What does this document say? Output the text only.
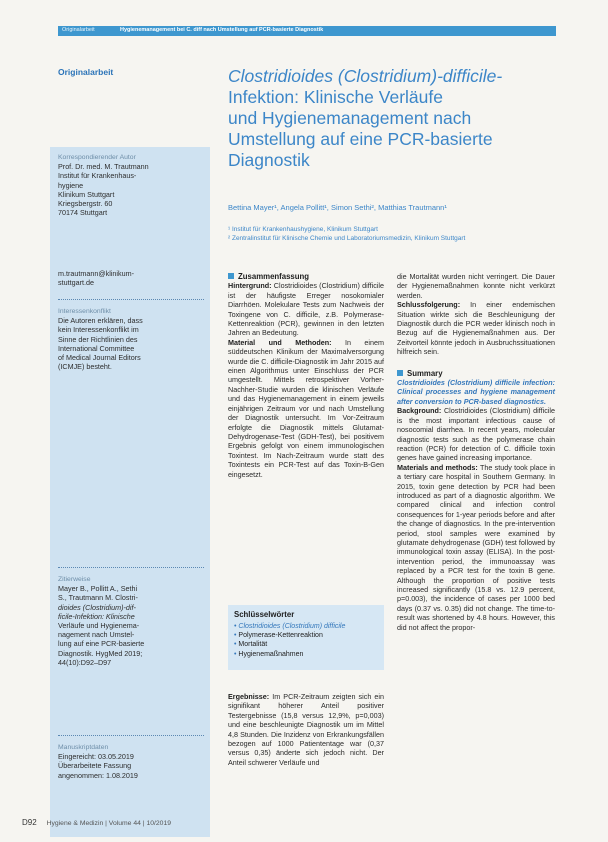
Originalarbeit	Hygienemanagement bei C. diff nach Umstellung auf PCR-basierte Diagnostik
Originalarbeit	Clostridioides (Clostridium)-difficile-
Infektion: Klinische Verläufe
und Hygienemanagement nach
Umstellung auf eine PCR-basierte
Diagnostik
Bettina Mayer¹, Angela Pollitt¹, Simon Sethi², Matthias Trautmann¹
¹ Institut für Krankenhaushygiene, Klinikum Stuttgart
² Zentralinstitut für Klinische Chemie und Laboratoriumsmedizin, Klinikum Stuttgart
Korrespondierender Autor
Prof. Dr. med. M. Trautmann
Institut für Krankenhaus-
hygiene
Klinikum Stuttgart
Kriegsbergstr. 60
70174 Stuttgart
m.trautmann@klinikum-
stuttgart.de
Interessenkonflikt
Die Autoren erklären, dass
kein Interessenkonflikt im
Sinne der Richtlinien des
International Committee
of Medical Journal Editors
(ICMJE) besteht.
Zitierweise
Mayer B., Pollitt A., Sethi
S., Trautmann M. Clostri-
dioides (Clostridium)-dif-
ficile-Infektion: Klinische
Verläufe und Hygienema-
nagement nach Umstel-
lung auf eine PCR-basierte
Diagnostik. HygMed 2019;
44(10):D92–D97
Manuskriptdaten
Eingereicht: 03.05.2019
Überarbeitete Fassung
angenommen: 1.08.2019
Zusammenfassung
Hintergrund: Clostridioides (Clostridium) difficile ist der häufigste Erreger nosokomialer Diarrhöen. Molekulare Tests zum Nachweis der Toxingene von C. difficile, z.B. Polymerase-Kettenreaktion (PCR), gewinnen in den letzten Jahren an Bedeutung.
Material und Methoden: In einem süddeutschen Klinikum der Maximalversorgung wurde die C. difficile-Diagnostik im Jahr 2015 auf einen Algorithmus unter Einschluss der PCR umgestellt. Mittels retrospektiver Vorher-Nachher-Studie wurden die klinischen Verläufe und das Hygienemanagement in einem jeweils einjährigen Zeitraum vor und nach Umstellung der Diagnostik untersucht. Im Vor-Zeitraum erfolgte die Diagnostik mittels Glutamat-Dehydrogenase-Test (GDH-Test), bei positivem Ergebnis gefolgt von einem immunologischen Toxintest. Im Nach-Zeitraum wurde statt des Toxintests ein PCR-Test auf das Toxin-B-Gen eingesetzt.
Schlüsselwörter
• Clostridioides (Clostridium) difficile
• Polymerase-Kettenreaktion
• Mortalität
• Hygienemaßnahmen
Ergebnisse: Im PCR-Zeitraum zeigten sich ein signifikant höherer Anteil positiver Testergebnisse (15,8 versus 12,9%, p=0,003) und eine beschleunigte Diagnostik um im Mittel 4,8 Stunden. Die Inzidenz von Erkrankungsfällen bezogen auf 1000 Patiententage war (0,37 versus 0,35) änderte sich jedoch nicht. Der Anteil schwerer Verläufe und
die Mortalität wurden nicht verringert. Die Dauer der Hygienemaßnahmen konnte nicht verkürzt werden.
Schlussfolgerung: In einer endemischen Situation wirkte sich die Beschleunigung der Diagnostik durch die PCR weder klinisch noch in Bezug auf die Hygienemaßnahmen aus. Der Zeitvorteil könnte jedoch in Ausbruchssituationen hilfreich sein.
Summary
Clostridioides (Clostridium) difficile infection: Clinical processes and hygiene management after conversion to PCR-based diagnostics.
Background: Clostridioides (Clostridium) difficile is the most important infectious cause of nosocomial diarrhea. In recent years, molecular diagnostic tests such as the polymerase chain reaction (PCR) for detection of C. difficile toxin genes have gained increasing importance.
Materials and methods: The study took place in a tertiary care hospital in Southern Germany. In 2015, toxin gene detection by PCR had been introduced as part of a diagnostic algorithm. We compared clinical and infection control consequences for 1-year periods before and after the change of diagnostics. In the pre-intervention period, stool samples were examined by glutamate dehydrogenase (GDH) test followed by immunological toxin assay (ELISA). In the post-intervention period, the immunoassay was replaced by a PCR test for the toxin B gene. Although the proportion of positive tests increased significantly (15.8 vs. 12.9 percent, p=0.003), the incidence of cases per 1000 bed days (0.37 vs. 0.35) did not change. The time-to-result was shortened by 4.8 hours. However, this did not affect the propor-
D92 Hygiene & Medizin | Volume 44 | 10/2019
